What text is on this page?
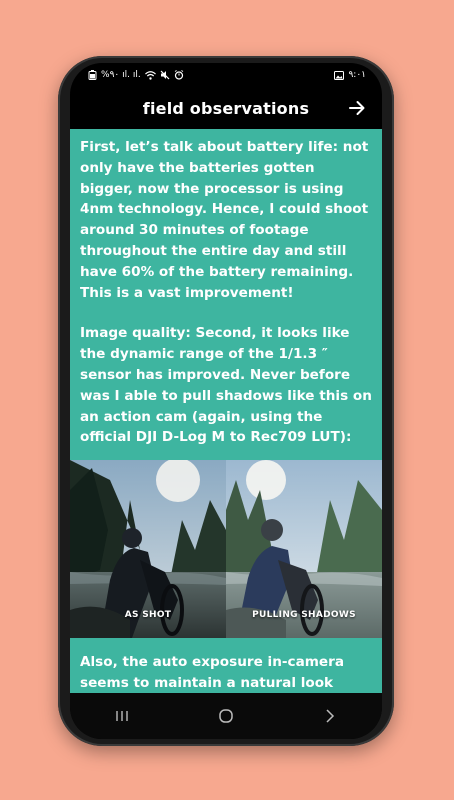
%٩٠ ıl. ıl.	٩:٠١
field observations

First, let’s talk about battery life: not only have the batteries gotten bigger, now the processor is using 4nm technology. Hence, I could shoot around 30 minutes of footage throughout the entire day and still have 60% of the battery remaining. This is a vast improvement!

Image quality: Second, it looks like the dynamic range of the 1/1.3 ″ sensor has improved. Never before was I able to pull shadows like this on an action cam (again, using the official DJI D-Log M to Rec709 LUT):

AS SHOT	PULLING SHADOWS

Also, the auto exposure in-camera seems to maintain a natural look
